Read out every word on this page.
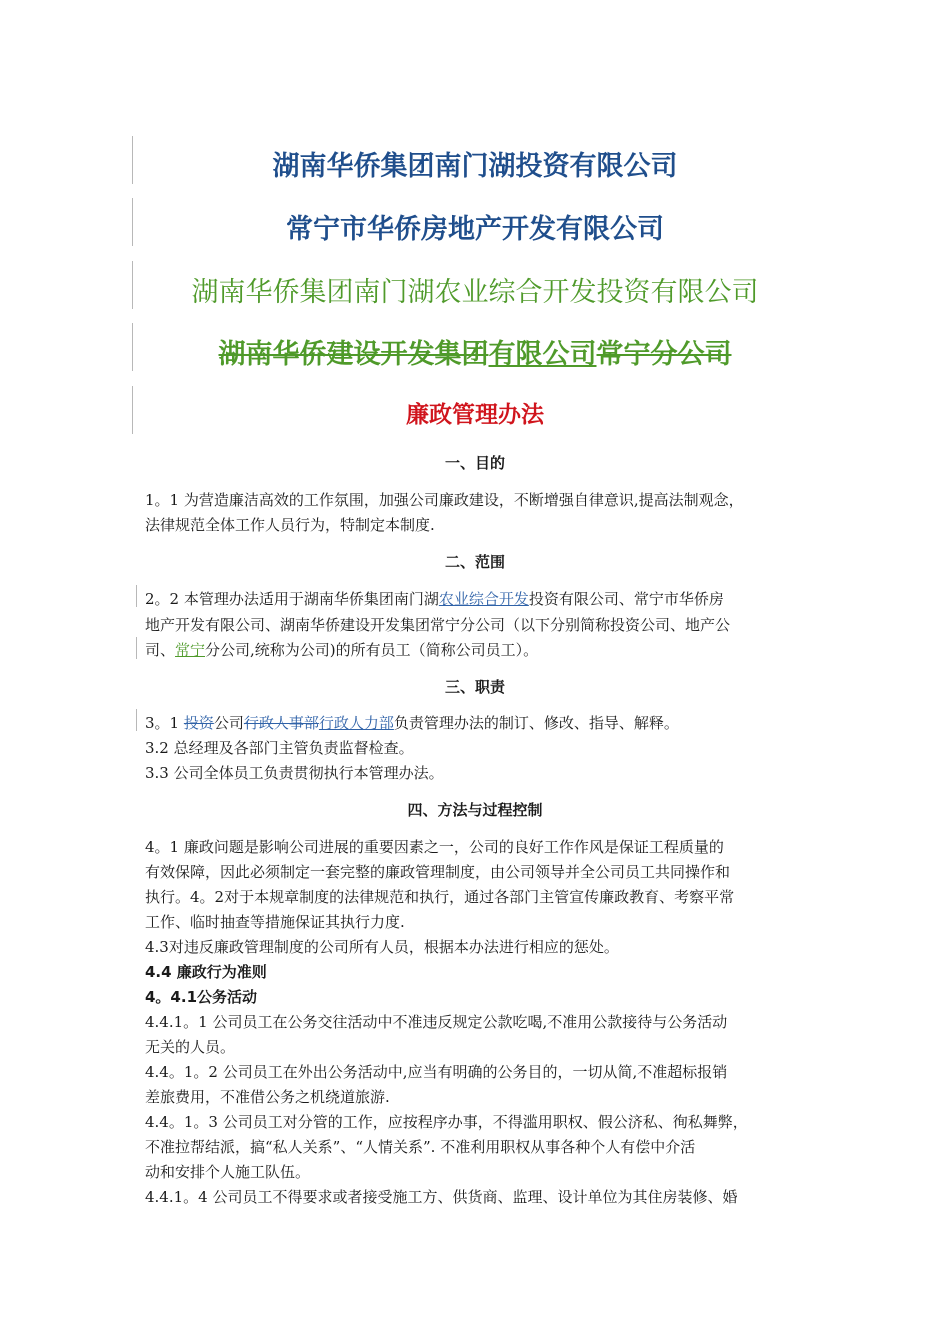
湖南华侨集团南门湖投资有限公司
常宁市华侨房地产开发有限公司
湖南华侨集团南门湖农业综合开发投资有限公司
湖南华侨建设开发集团有限公司常宁分公司
廉政管理办法
一、目的
1。1 为营造廉洁高效的工作氛围，加强公司廉政建设，不断增强自律意识,提高法制观念，
法律规范全体工作人员行为，特制定本制度.
二、范围
2。2 本管理办法适用于湖南华侨集团南门湖农业综合开发投资有限公司、常宁市华侨房
地产开发有限公司、湖南华侨建设开发集团常宁分公司（以下分别简称投资公司、地产公
司、常宁分公司,统称为公司)的所有员工（简称公司员工）。
三、职责
3。1 投资公司行政人事部行政人力部负责管理办法的制订、修改、指导、解释。
3.2 总经理及各部门主管负责监督检查。
3.3 公司全体员工负责贯彻执行本管理办法。
四、方法与过程控制
4。1 廉政问题是影响公司进展的重要因素之一，公司的良好工作作风是保证工程质量的
有效保障，因此必须制定一套完整的廉政管理制度，由公司领导并全公司员工共同操作和
执行。4。2对于本规章制度的法律规范和执行，通过各部门主管宣传廉政教育、考察平常
工作、临时抽查等措施保证其执行力度.
4.3对违反廉政管理制度的公司所有人员，根据本办法进行相应的惩处。
4.4 廉政行为准则
4。4.1公务活动
4.4.1。1 公司员工在公务交往活动中不准违反规定公款吃喝,不准用公款接待与公务活动
无关的人员。
4.4。1。2 公司员工在外出公务活动中,应当有明确的公务目的，一切从简,不准超标报销
差旅费用，不准借公务之机绕道旅游.
4.4。1。3 公司员工对分管的工作，应按程序办事，不得滥用职权、假公济私、徇私舞弊，
不准拉帮结派，搞“私人关系”、“人情关系”. 不准利用职权从事各种个人有偿中介活
动和安排个人施工队伍。
4.4.1。4 公司员工不得要求或者接受施工方、供货商、监理、设计单位为其住房装修、婚
